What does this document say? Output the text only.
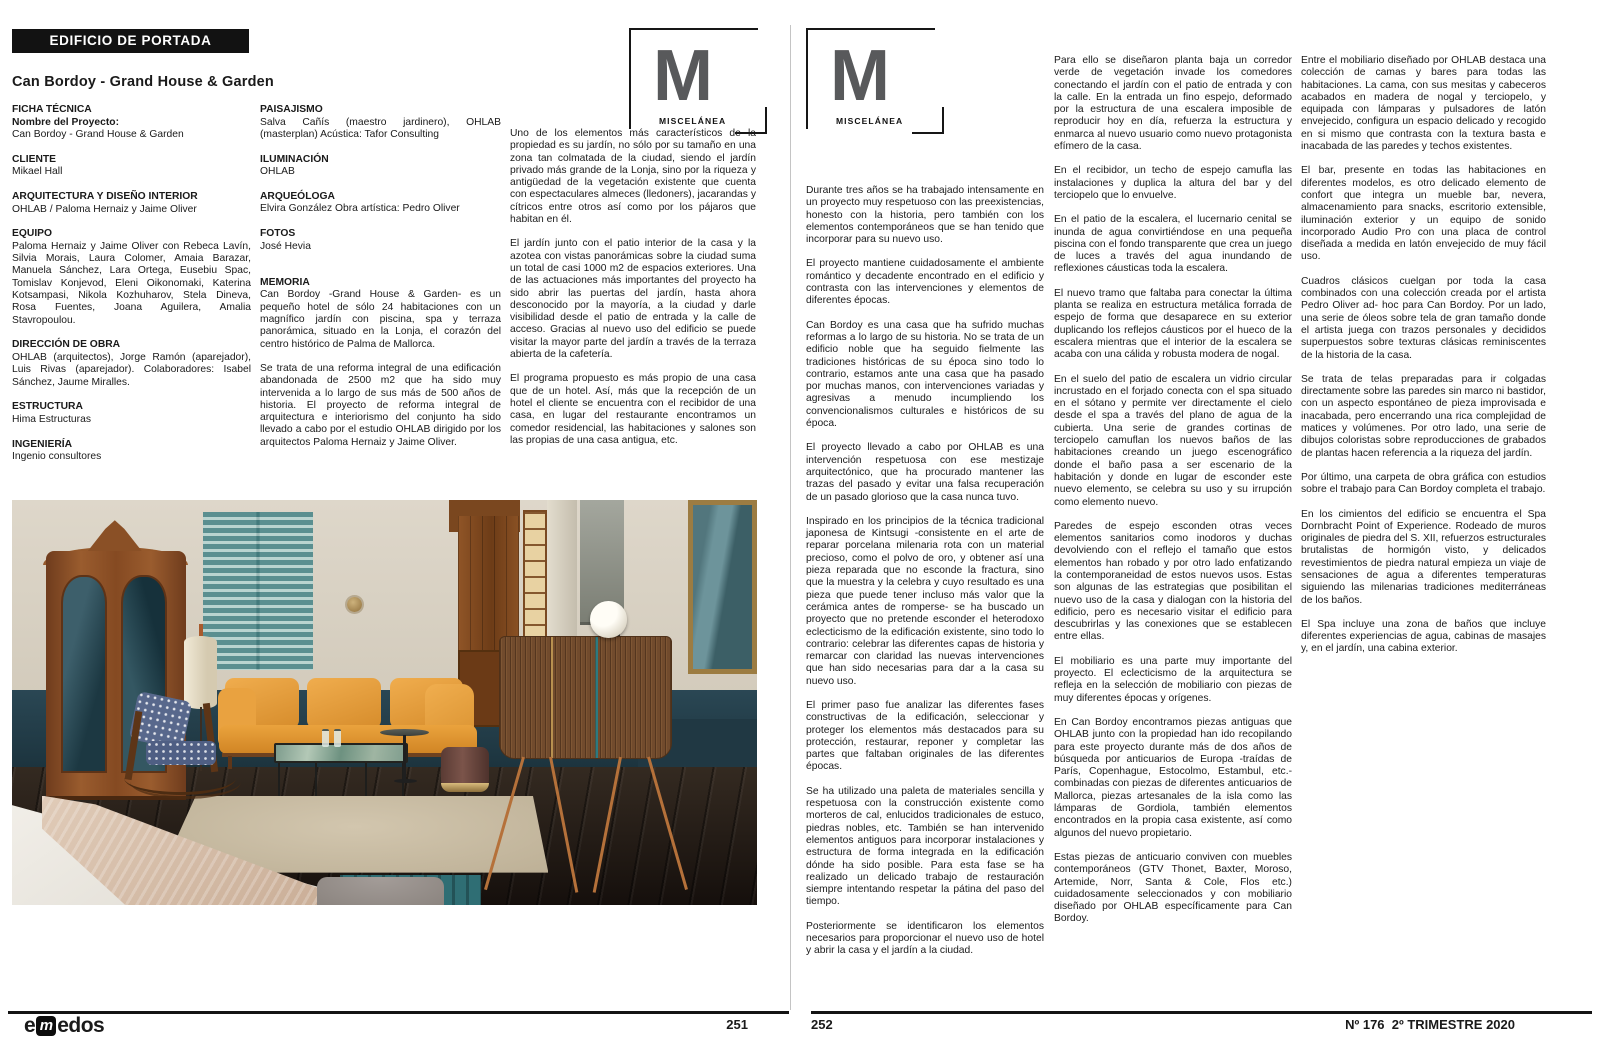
EDIFICIO DE PORTADA
Can Bordoy - Grand House & Garden
FICHA TÉCNICA
Nombre del Proyecto:
Can Bordoy - Grand House & Garden
CLIENTE
Mikael Hall
ARQUITECTURA Y DISEÑO INTERIOR
OHLAB / Paloma Hernaiz y Jaime Oliver
EQUIPO
Paloma Hernaiz y Jaime Oliver con Rebeca Lavín, Silvia Morais, Laura Colomer, Amaia Barazar, Manuela Sánchez, Lara Ortega, Eusebiu Spac, Tomislav Konjevod, Eleni Oikonomaki, Katerina Kotsampasi, Nikola Kozhuharov, Stela Dineva, Rosa Fuentes, Joana Aguilera, Amalia Stavropoulou.
DIRECCIÓN DE OBRA
OHLAB (arquitectos), Jorge Ramón (aparejador), Luis Rivas (aparejador). Colaboradores: Isabel Sánchez, Jaume Miralles.
ESTRUCTURA
Hima Estructuras
INGENIERÍA
Ingenio consultores
PAISAJISMO
Salva Cañís (maestro jardinero), OHLAB (masterplan) Acústica: Tafor Consulting
ILUMINACIÓN
OHLAB
ARQUEÓLOGA
Elvira González Obra artística: Pedro Oliver
FOTOS
José Hevia
MEMORIA

Can Bordoy -Grand House & Garden- es un pequeño hotel de sólo 24 habitaciones con un magnífico jardín con piscina, spa y terraza panorámica, situado en la Lonja, el corazón del centro histórico de Palma de Mallorca.

Se trata de una reforma integral de una edificación abandonada de 2500 m2 que ha sido muy intervenida a lo largo de sus más de 500 años de historia. El proyecto de reforma integral de arquitectura e interiorismo del conjunto ha sido llevado a cabo por el estudio OHLAB dirigido por los arquitectos Paloma Hernaiz y Jaime Oliver.

M
MISCELÁNEA

Uno de los elementos más característicos de la propiedad es su jardín, no sólo por su tamaño en una zona tan colmatada de la ciudad, siendo el jardín privado más grande de la Lonja, sino por la riqueza y antigüedad de la vegetación existente que cuenta con espectaculares almeces (lledoners), jacarandas y cítricos entre otros así como por los pájaros que habitan en él.

El jardín junto con el patio interior de la casa y la azotea con vistas panorámicas sobre la ciudad suma un total de casi 1000 m2 de espacios exteriores. Una de las actuaciones más importantes del proyecto ha sido abrir las puertas del jardín, hasta ahora desconocido por la mayoría, a la ciudad y darle visibilidad desde el patio de entrada y la calle de acceso. Gracias al nuevo uso del edificio se puede visitar la mayor parte del jardín a través de la terraza abierta de la cafetería.

El programa propuesto es más propio de una casa que de un hotel. Así, más que la recepción de un hotel el cliente se encuentra con el recibidor de una casa, en lugar del restaurante encontramos un comedor residencial, las habitaciones y salones son las propias de una casa antigua, etc.

M
MISCELÁNEA

Durante tres años se ha trabajado intensamente en un proyecto muy respetuoso con las preexistencias, honesto con la historia, pero también con los elementos contemporáneos que se han tenido que incorporar para su nuevo uso.

El proyecto mantiene cuidadosamente el ambiente romántico y decadente encontrado en el edificio y contrasta con las intervenciones y elementos de diferentes épocas.

Can Bordoy es una casa que ha sufrido muchas reformas a lo largo de su historia. No se trata de un edificio noble que ha seguido fielmente las tradiciones históricas de su época sino todo lo contrario, estamos ante una casa que ha pasado por muchas manos, con intervenciones variadas y agresivas a menudo incumpliendo los convencionalismos culturales e históricos de su época.

El proyecto llevado a cabo por OHLAB es una intervención respetuosa con ese mestizaje arquitectónico, que ha procurado mantener las trazas del pasado y evitar una falsa recuperación de un pasado glorioso que la casa nunca tuvo.

Inspirado en los principios de la técnica tradicional japonesa de Kintsugi -consistente en el arte de reparar porcelana milenaria rota con un material precioso, como el polvo de oro, y obtener así una pieza reparada que no esconde la fractura, sino que la muestra y la celebra y cuyo resultado es una pieza que puede tener incluso más valor que la cerámica antes de romperse- se ha buscado un proyecto que no pretende esconder el heterodoxo eclecticismo de la edificación existente, sino todo lo contrario: celebrar las diferentes capas de historia y remarcar con claridad las nuevas intervenciones que han sido necesarias para dar a la casa su nuevo uso.

El primer paso fue analizar las diferentes fases constructivas de la edificación, seleccionar y proteger los elementos más destacados para su protección, restaurar, reponer y completar las partes que faltaban originales de las diferentes épocas.

Se ha utilizado una paleta de materiales sencilla y respetuosa con la construcción existente como morteros de cal, enlucidos tradicionales de estuco, piedras nobles, etc. También se han intervenido elementos antiguos para incorporar instalaciones y estructura de forma integrada en la edificación dónde ha sido posible. Para esta fase se ha realizado un delicado trabajo de restauración siempre intentando respetar la pátina del paso del tiempo.

Posteriormente se identificaron los elementos necesarios para proporcionar el nuevo uso de hotel y abrir la casa y el jardín a la ciudad.

Para ello se diseñaron planta baja un corredor verde de vegetación invade los comedores conectando el jardín con el patio de entrada y con la calle. En la entrada un fino espejo, deformado por la estructura de una escalera imposible de reproducir hoy en día, refuerza la estructura y enmarca al nuevo usuario como nuevo protagonista efímero de la casa.

En el recibidor, un techo de espejo camufla las instalaciones y duplica la altura del bar y del terciopelo que lo envuelve.

En el patio de la escalera, el lucernario cenital se inunda de agua convirtiéndose en una pequeña piscina con el fondo transparente que crea un juego de luces a través del agua inundando de reflexiones cáusticas toda la escalera.

El nuevo tramo que faltaba para conectar la última planta se realiza en estructura metálica forrada de espejo de forma que desaparece en su exterior duplicando los reflejos cáusticos por el hueco de la escalera mientras que el interior de la escalera se acaba con una cálida y robusta modera de nogal.

En el suelo del patio de escalera un vidrio circular incrustado en el forjado conecta con el spa situado en el sótano y permite ver directamente el cielo desde el spa a través del plano de agua de la cubierta. Una serie de grandes cortinas de terciopelo camuflan los nuevos baños de las habitaciones creando un juego escenográfico donde el baño pasa a ser escenario de la habitación y donde en lugar de esconder este nuevo elemento, se celebra su uso y su irrupción como elemento nuevo.

Paredes de espejo esconden otras veces elementos sanitarios como inodoros y duchas devolviendo con el reflejo el tamaño que estos elementos han robado y por otro lado enfatizando la contemporaneidad de estos nuevos usos. Estas son algunas de las estrategias que posibilitan el nuevo uso de la casa y dialogan con la historia del edificio, pero es necesario visitar el edificio para descubrirlas y las conexiones que se establecen entre ellas.

El mobiliario es una parte muy importante del proyecto. El eclecticismo de la arquitectura se refleja en la selección de mobiliario con piezas de muy diferentes épocas y orígenes.

En Can Bordoy encontramos piezas antiguas que OHLAB junto con la propiedad han ido recopilando para este proyecto durante más de dos años de búsqueda por anticuarios de Europa -traídas de París, Copenhague, Estocolmo, Estambul, etc.- combinadas con piezas de diferentes anticuarios de Mallorca, piezas artesanales de la isla como las lámparas de Gordiola, también elementos encontrados en la propia casa existente, así como algunos del nuevo propietario.

Estas piezas de anticuario conviven con muebles contemporáneos (GTV Thonet, Baxter, Moroso, Artemide, Norr, Santa & Cole, Flos etc.) cuidadosamente seleccionados y con mobiliario diseñado por OHLAB específicamente para Can Bordoy.

Entre el mobiliario diseñado por OHLAB destaca una colección de camas y bares para todas las habitaciones. La cama, con sus mesitas y cabeceros acabados en madera de nogal y terciopelo, y equipada con lámparas y pulsadores de latón envejecido, configura un espacio delicado y recogido en si mismo que contrasta con la textura basta e inacabada de las paredes y techos existentes.

El bar, presente en todas las habitaciones en diferentes modelos, es otro delicado elemento de confort que integra un mueble bar, nevera, almacenamiento para snacks, escritorio extensible, iluminación exterior y un equipo de sonido incorporado Audio Pro con una placa de control diseñada a medida en latón envejecido de muy fácil uso.

Cuadros clásicos cuelgan por toda la casa combinados con una colección creada por el artista Pedro Oliver ad- hoc para Can Bordoy. Por un lado, una serie de óleos sobre tela de gran tamaño donde el artista juega con trazos personales y decididos superpuestos sobre texturas clásicas reminiscentes de la historia de la casa.

Se trata de telas preparadas para ir colgadas directamente sobre las paredes sin marco ni bastidor, con un aspecto espontáneo de pieza improvisada e inacabada, pero encerrando una rica complejidad de matices y volúmenes. Por otro lado, una serie de dibujos coloristas sobre reproducciones de grabados de plantas hacen referencia a la riqueza del jardín.

Por último, una carpeta de obra gráfica con estudios sobre el trabajo para Can Bordoy completa el trabajo.

En los cimientos del edificio se encuentra el Spa Dornbracht Point of Experience. Rodeado de muros originales de piedra del S. XII, refuerzos estructurales brutalistas de hormigón visto, y delicados revestimientos de piedra natural empieza un viaje de sensaciones de agua a diferentes temperaturas siguiendo las milenarias tradiciones mediterráneas de los baños.

El Spa incluye una zona de baños que incluye diferentes experiencias de agua, cabinas de masajes y, en el jardín, una cabina exterior.

e m edos	251	252	Nº 176  2º TRIMESTRE 2020
